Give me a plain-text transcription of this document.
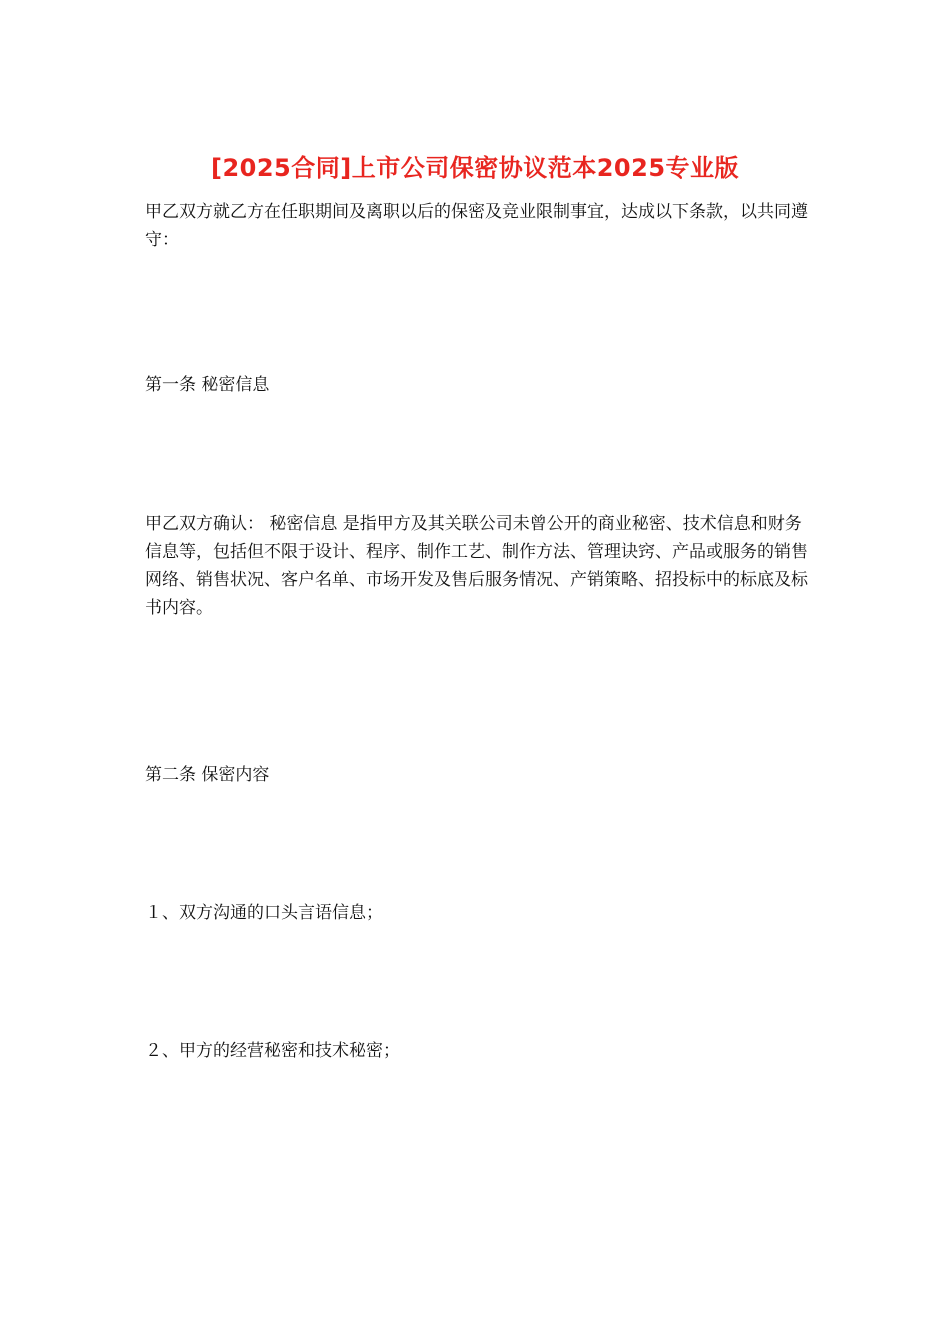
[2025合同]上市公司保密协议范本2025专业版

甲乙双方就乙方在任职期间及离职以后的保密及竞业限制事宜，达成以下条款，以共同遵守：

第一条 秘密信息

甲乙双方确认： 秘密信息 是指甲方及其关联公司未曾公开的商业秘密、技术信息和财务信息等，包括但不限于设计、程序、制作工艺、制作方法、管理诀窍、产品或服务的销售网络、销售状况、客户名单、市场开发及售后服务情况、产销策略、招投标中的标底及标书内容。

第二条 保密内容

１、双方沟通的口头言语信息；

２、甲方的经营秘密和技术秘密；
